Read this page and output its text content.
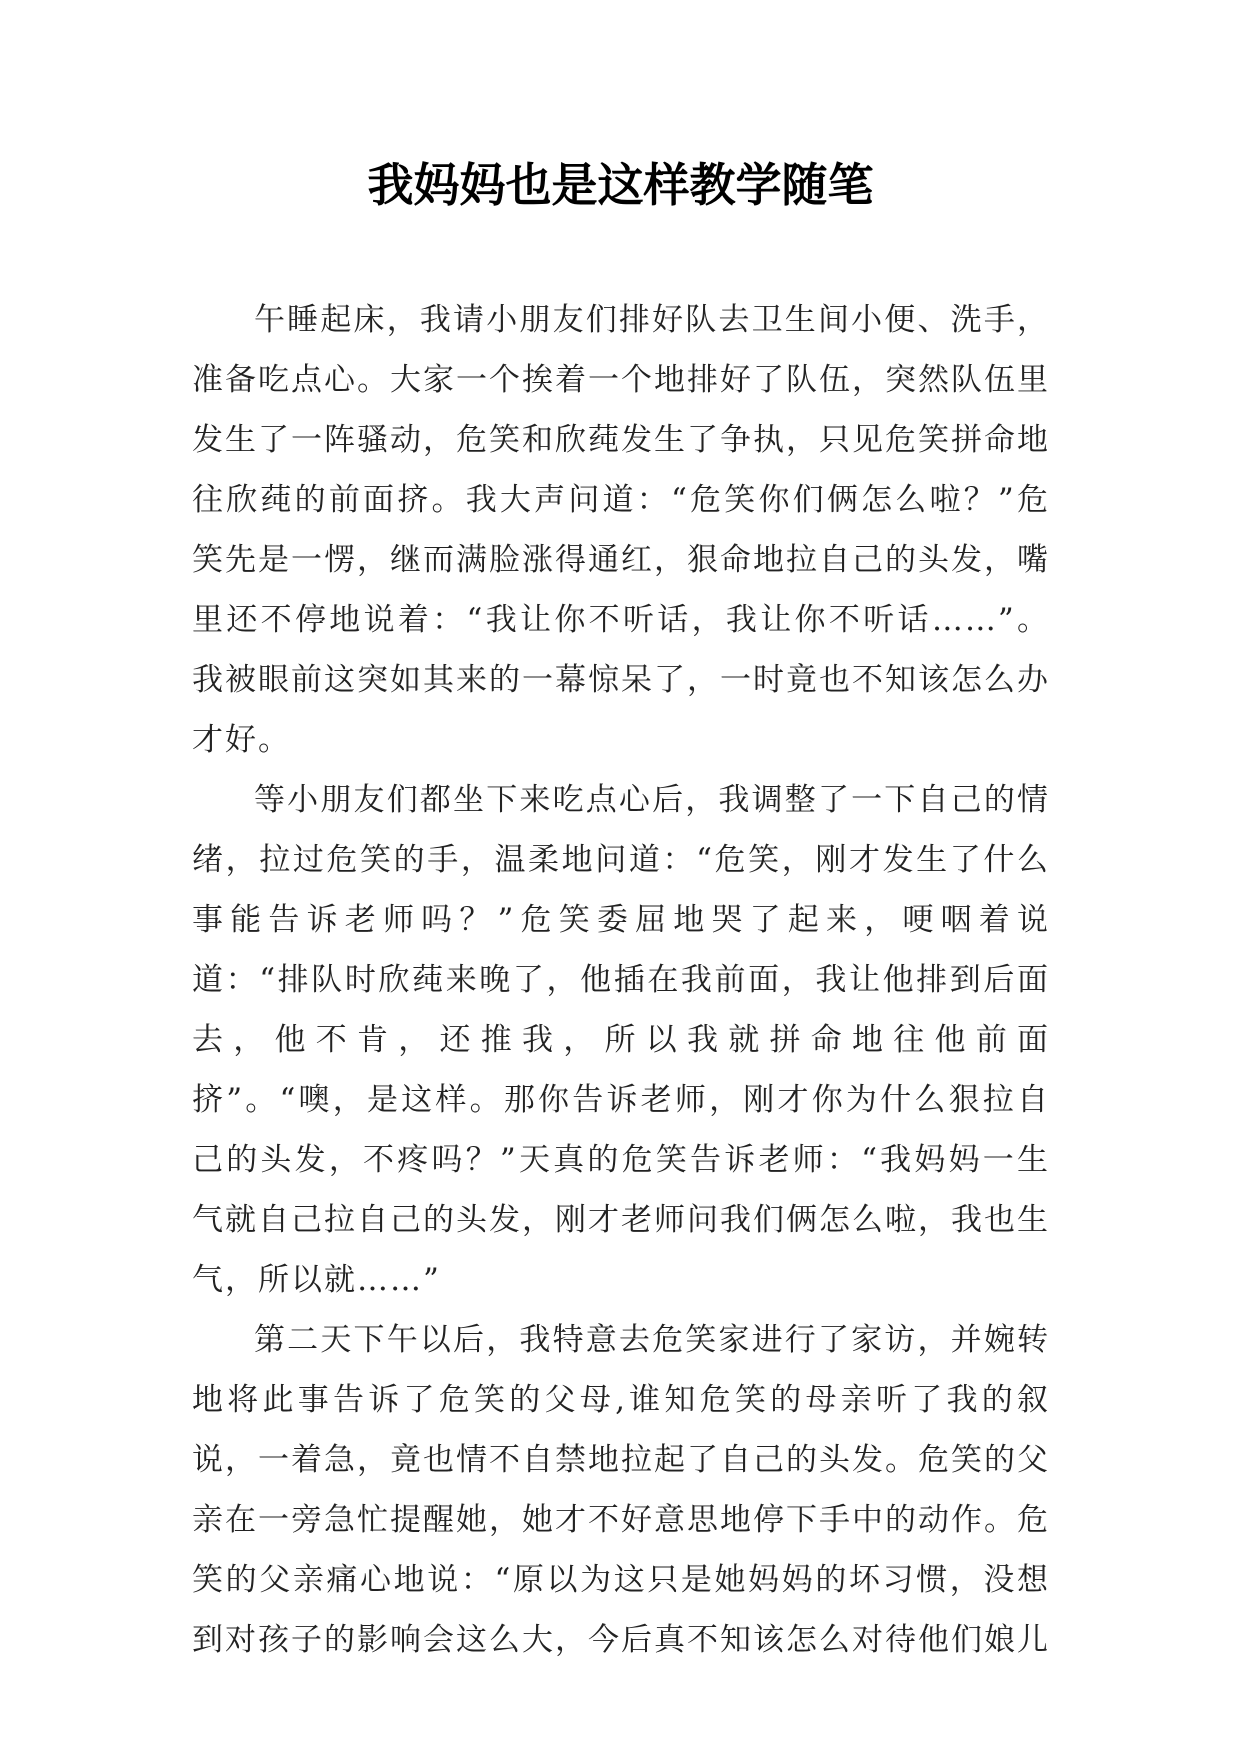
我妈妈也是这样教学随笔

午睡起床，我请小朋友们排好队去卫生间小便、洗手，准备吃点心。大家一个挨着一个地排好了队伍，突然队伍里发生了一阵骚动，危笑和欣莼发生了争执，只见危笑拼命地往欣莼的前面挤。我大声问道：“危笑你们俩怎么啦？”危笑先是一愣，继而满脸涨得通红，狠命地拉自己的头发，嘴里还不停地说着：“我让你不听话，我让你不听话……”。我被眼前这突如其来的一幕惊呆了，一时竟也不知该怎么办才好。

等小朋友们都坐下来吃点心后，我调整了一下自己的情绪，拉过危笑的手，温柔地问道：“危笑，刚才发生了什么事能告诉老师吗？”危笑委屈地哭了起来，哽咽着说道：“排队时欣莼来晚了，他插在我前面，我让他排到后面去，他不肯，还推我，所以我就拼命地往他前面挤”。“噢，是这样。那你告诉老师，刚才你为什么狠拉自己的头发，不疼吗？”天真的危笑告诉老师：“我妈妈一生气就自己拉自己的头发，刚才老师问我们俩怎么啦，我也生气，所以就……”

第二天下午以后，我特意去危笑家进行了家访，并婉转地将此事告诉了危笑的父母,谁知危笑的母亲听了我的叙说，一着急，竟也情不自禁地拉起了自己的头发。危笑的父亲在一旁急忙提醒她，她才不好意思地停下手中的动作。危笑的父亲痛心地说：“原以为这只是她妈妈的坏习惯，没想到对孩子的影响会这么大，今后真不知该怎么对待他们娘儿
